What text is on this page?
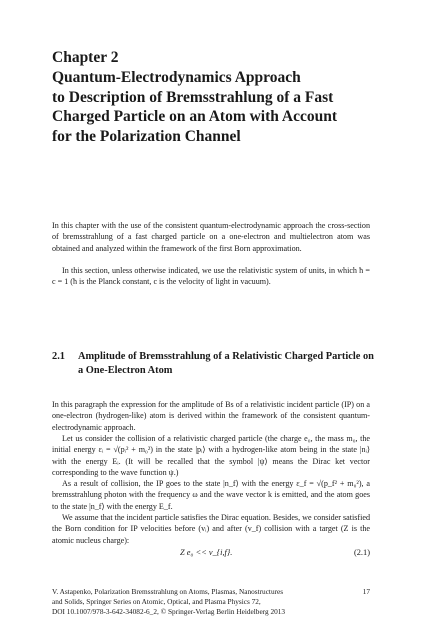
Chapter 2
Quantum-Electrodynamics Approach
to Description of Bremsstrahlung of a Fast
Charged Particle on an Atom with Account
for the Polarization Channel
In this chapter with the use of the consistent quantum-electrodynamic approach the cross-section of bremsstrahlung of a fast charged particle on a one-electron and multielectron atom was obtained and analyzed within the framework of the first Born approximation.
In this section, unless otherwise indicated, we use the relativistic system of units, in which ħ = c = 1 (ħ is the Planck constant, c is the velocity of light in vacuum).
2.1 Amplitude of Bremsstrahlung of a Relativistic Charged Particle on a One-Electron Atom
In this paragraph the expression for the amplitude of Bs of a relativistic incident particle (IP) on a one-electron (hydrogen-like) atom is derived within the framework of the consistent quantum-electrodynamic approach.
Let us consider the collision of a relativistic charged particle (the charge e₀, the mass m₀, the initial energy εᵢ = √(pᵢ² + m₀²) in the state |pᵢ⟩ with a hydrogen-like atom being in the state |nᵢ⟩ with the energy Eᵢ. (It will be recalled that the symbol |ψ⟩ means the Dirac ket vector corresponding to the wave function ψ.)
As a result of collision, the IP goes to the state |n_f⟩ with the energy ε_f = √(p_f² + m₀²), a bremsstrahlung photon with the frequency ω and the wave vector k is emitted, and the atom goes to the state |n_f⟩ with the energy E_f.
We assume that the incident particle satisfies the Dirac equation. Besides, we consider satisfied the Born condition for IP velocities before (vᵢ) and after (v_f) collision with a target (Z is the atomic nucleus charge):
Z e₀ << v_{i,f}.	(2.1)
V. Astapenko, Polarization Bremsstrahlung on Atoms, Plasmas, Nanostructures
and Solids, Springer Series on Atomic, Optical, and Plasma Physics 72,
DOI 10.1007/978-3-642-34082-6_2, © Springer-Verlag Berlin Heidelberg 2013
17
